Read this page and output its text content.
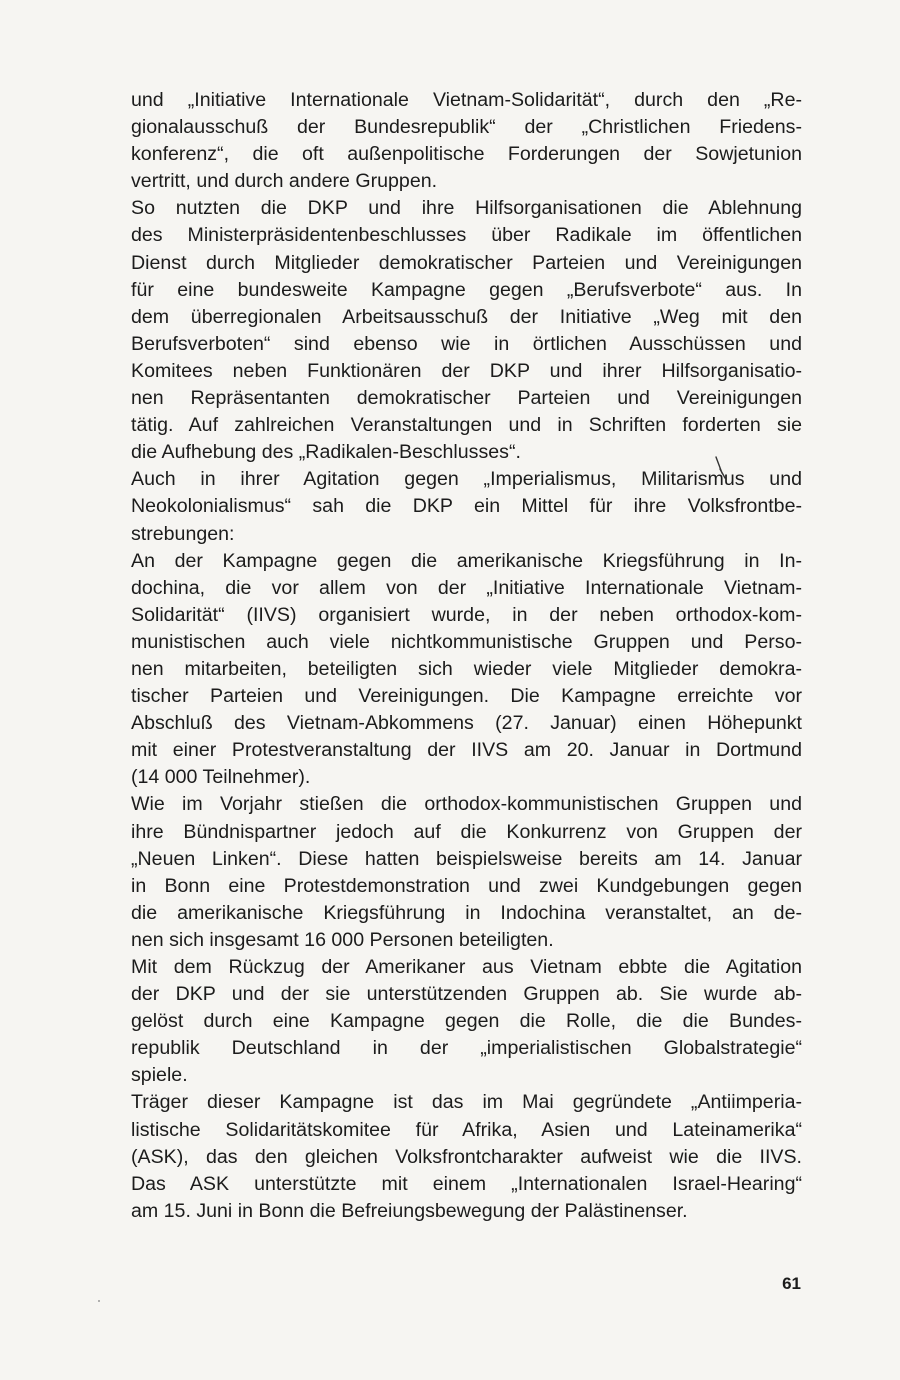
und „Initiative Internationale Vietnam-Solidarität“, durch den „Re-
gionalausschuß der Bundesrepublik“ der „Christlichen Friedens-
konferenz“, die oft außenpolitische Forderungen der Sowjetunion
vertritt, und durch andere Gruppen.
So nutzten die DKP und ihre Hilfsorganisationen die Ablehnung
des Ministerpräsidentenbeschlusses über Radikale im öffentlichen
Dienst durch Mitglieder demokratischer Parteien und Vereinigungen
für eine bundesweite Kampagne gegen „Berufsverbote“ aus. In
dem überregionalen Arbeitsausschuß der Initiative „Weg mit den
Berufsverboten“ sind ebenso wie in örtlichen Ausschüssen und
Komitees neben Funktionären der DKP und ihrer Hilfsorganisatio-
nen Repräsentanten demokratischer Parteien und Vereinigungen
tätig. Auf zahlreichen Veranstaltungen und in Schriften forderten sie
die Aufhebung des „Radikalen-Beschlusses“.
Auch in ihrer Agitation gegen „Imperialismus, Militarismus und
Neokolonialismus“ sah die DKP ein Mittel für ihre Volksfrontbe-
strebungen:
An der Kampagne gegen die amerikanische Kriegsführung in In-
dochina, die vor allem von der „Initiative Internationale Vietnam-
Solidarität“ (IIVS) organisiert wurde, in der neben orthodox-kom-
munistischen auch viele nichtkommunistische Gruppen und Perso-
nen mitarbeiten, beteiligten sich wieder viele Mitglieder demokra-
tischer Parteien und Vereinigungen. Die Kampagne erreichte vor
Abschluß des Vietnam-Abkommens (27. Januar) einen Höhepunkt
mit einer Protestveranstaltung der IIVS am 20. Januar in Dortmund
(14 000 Teilnehmer).
Wie im Vorjahr stießen die orthodox-kommunistischen Gruppen und
ihre Bündnispartner jedoch auf die Konkurrenz von Gruppen der
„Neuen Linken“. Diese hatten beispielsweise bereits am 14. Januar
in Bonn eine Protestdemonstration und zwei Kundgebungen gegen
die amerikanische Kriegsführung in Indochina veranstaltet, an de-
nen sich insgesamt 16 000 Personen beteiligten.
Mit dem Rückzug der Amerikaner aus Vietnam ebbte die Agitation
der DKP und der sie unterstützenden Gruppen ab. Sie wurde ab-
gelöst durch eine Kampagne gegen die Rolle, die die Bundes-
republik Deutschland in der „imperialistischen Globalstrategie“
spiele.
Träger dieser Kampagne ist das im Mai gegründete „Antiimperia-
listische Solidaritätskomitee für Afrika, Asien und Lateinamerika“
(ASK), das den gleichen Volksfrontcharakter aufweist wie die IIVS.
Das ASK unterstützte mit einem „Internationalen Israel-Hearing“
am 15. Juni in Bonn die Befreiungsbewegung der Palästinenser.
61
